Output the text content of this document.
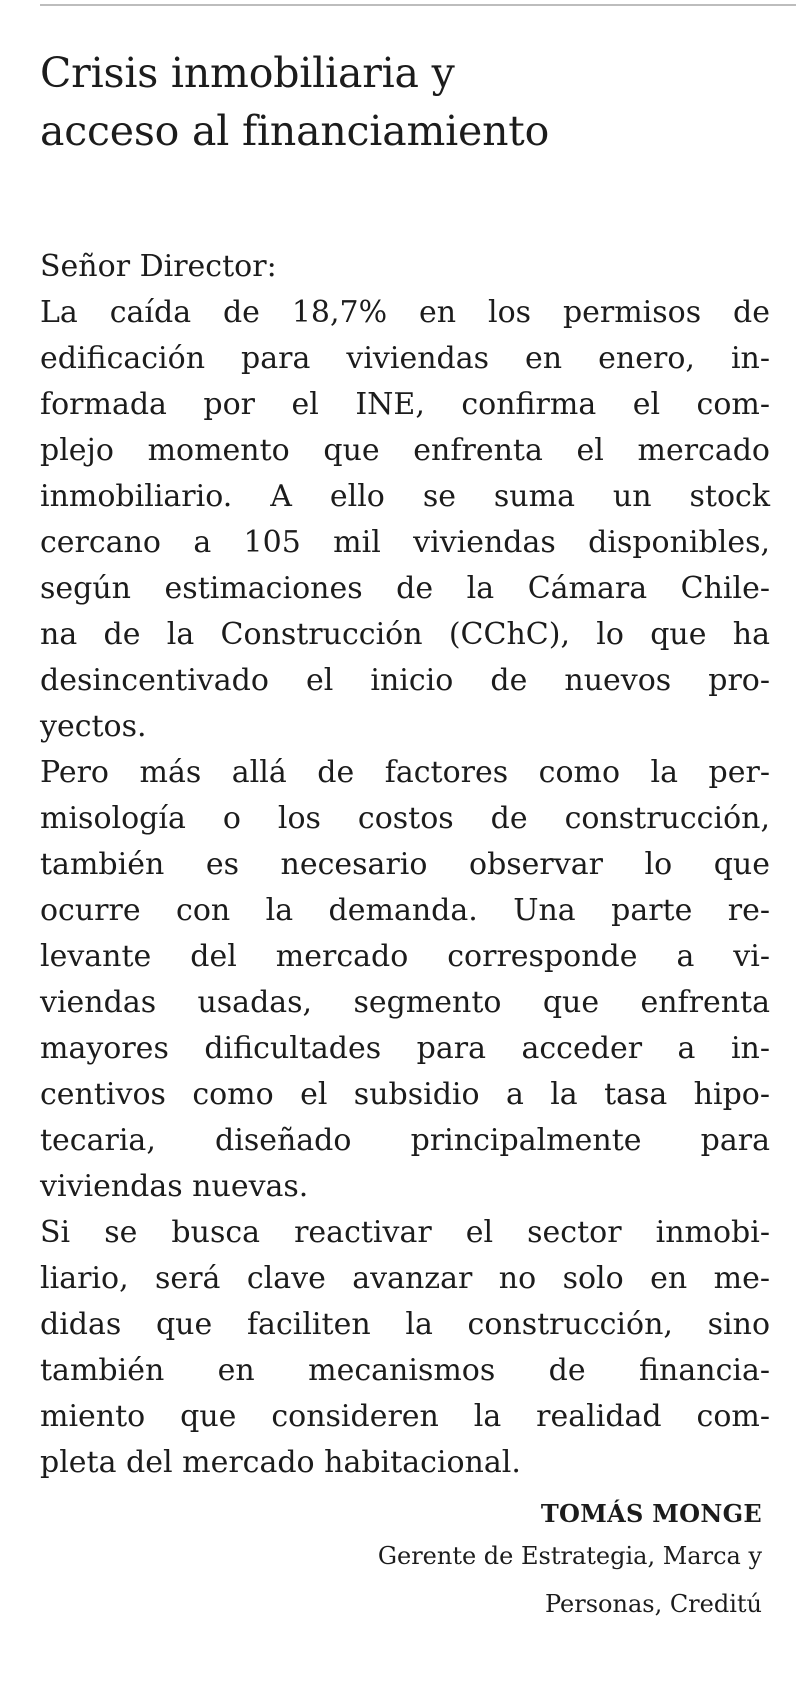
Crisis inmobiliaria y
acceso al financiamiento
Señor Director:
La caída de 18,7% en los permisos de
edificación para viviendas en enero, in-
formada por el INE, confirma el com-
plejo momento que enfrenta el mercado
inmobiliario. A ello se suma un stock
cercano a 105 mil viviendas disponibles,
según estimaciones de la Cámara Chile-
na de la Construcción (CChC), lo que ha
desincentivado el inicio de nuevos pro-
yectos.
Pero más allá de factores como la per-
misología o los costos de construcción,
también es necesario observar lo que
ocurre con la demanda. Una parte re-
levante del mercado corresponde a vi-
viendas usadas, segmento que enfrenta
mayores dificultades para acceder a in-
centivos como el subsidio a la tasa hipo-
tecaria, diseñado principalmente para
viviendas nuevas.
Si se busca reactivar el sector inmobi-
liario, será clave avanzar no solo en me-
didas que faciliten la construcción, sino
también en mecanismos de financia-
miento que consideren la realidad com-
pleta del mercado habitacional.
TOMÁS MONGE
Gerente de Estrategia, Marca y
Personas, Creditú
